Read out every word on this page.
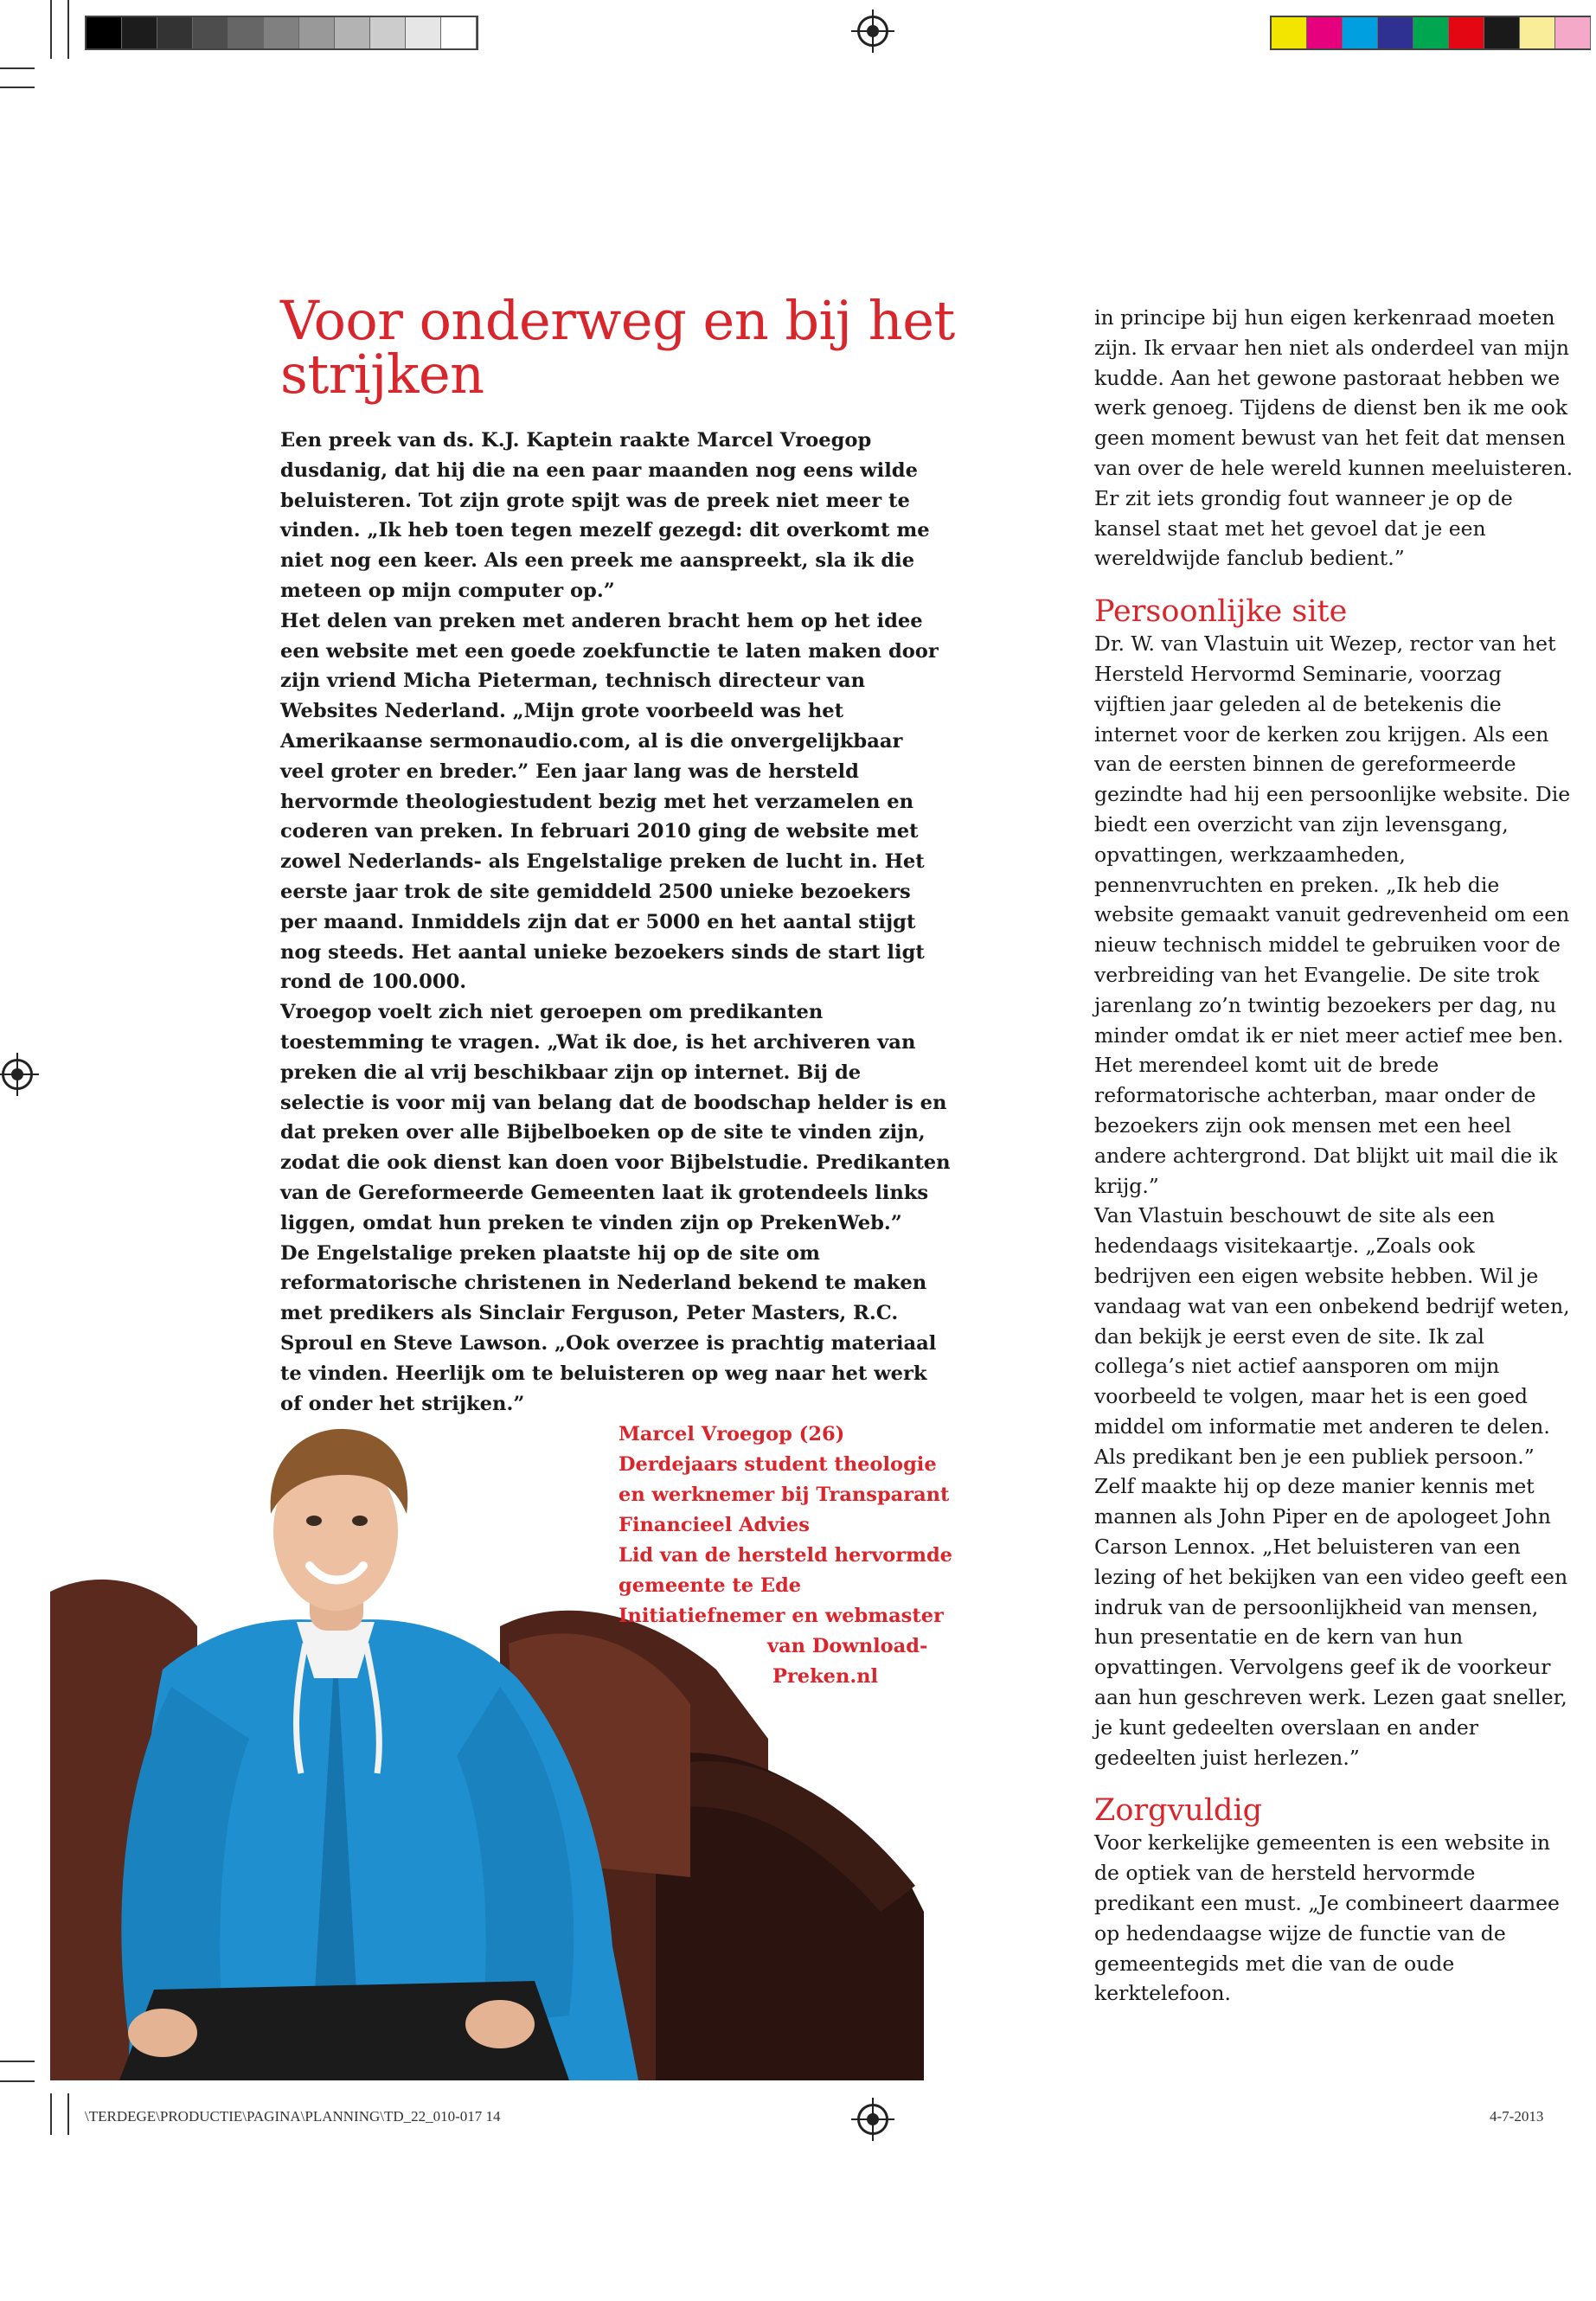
Voor onderweg en bij het strijken

Een preek van ds. K.J. Kaptein raakte Marcel Vroegop dusdanig, dat hij die na een paar maanden nog eens wilde beluisteren. Tot zijn grote spijt was de preek niet meer te vinden. „Ik heb toen tegen mezelf gezegd: dit overkomt me niet nog een keer. Als een preek me aanspreekt, sla ik die meteen op mijn computer op.”

Het delen van preken met anderen bracht hem op het idee een website met een goede zoekfunctie te laten maken door zijn vriend Micha Pieterman, technisch directeur van Websites Nederland. „Mijn grote voorbeeld was het Amerikaanse sermonaudio.com, al is die onvergelijkbaar veel groter en breder.” Een jaar lang was de hersteld hervormde theologiestudent bezig met het verzamelen en coderen van preken. In februari 2010 ging de website met zowel Nederlands- als Engelstalige preken de lucht in. Het eerste jaar trok de site gemiddeld 2500 unieke bezoekers per maand. Inmiddels zijn dat er 5000 en het aantal stijgt nog steeds. Het aantal unieke bezoekers sinds de start ligt rond de 100.000.

Vroegop voelt zich niet geroepen om predikanten toestemming te vragen. „Wat ik doe, is het archiveren van preken die al vrij beschikbaar zijn op internet. Bij de selectie is voor mij van belang dat de boodschap helder is en dat preken over alle Bijbelboeken op de site te vinden zijn, zodat die ook dienst kan doen voor Bijbelstudie. Predikanten van de Gereformeerde Gemeenten laat ik grotendeels links liggen, omdat hun preken te vinden zijn op PrekenWeb.”

De Engelstalige preken plaatste hij op de site om reformatorische christenen in Nederland bekend te maken met predikers als Sinclair Ferguson, Peter Masters, R.C. Sproul en Steve Lawson. „Ook overzee is prachtig materiaal te vinden. Heerlijk om te beluisteren op weg naar het werk of onder het strijken.”

Marcel Vroegop (26)
Derdejaars student theologie
en werknemer bij Transparant
Financieel Advies
Lid van de hersteld hervormde
gemeente te Ede
Initiatiefnemer en webmaster
van Download-
Preken.nl

in principe bij hun eigen kerkenraad moeten zijn. Ik ervaar hen niet als onderdeel van mijn kudde. Aan het gewone pastoraat hebben we werk genoeg. Tijdens de dienst ben ik me ook geen moment bewust van het feit dat mensen van over de hele wereld kunnen meeluisteren. Er zit iets grondig fout wanneer je op de kansel staat met het gevoel dat je een wereldwijde fanclub bedient.”

Persoonlijke site

Dr. W. van Vlastuin uit Wezep, rector van het Hersteld Hervormd Seminarie, voorzag vijftien jaar geleden al de betekenis die internet voor de kerken zou krijgen. Als een van de eersten binnen de gereformeerde gezindte had hij een persoonlijke website. Die biedt een overzicht van zijn levensgang, opvattingen, werkzaamheden, pennenvruchten en preken. „Ik heb die website gemaakt vanuit gedrevenheid om een nieuw technisch middel te gebruiken voor de verbreiding van het Evangelie. De site trok jarenlang zo’n twintig bezoekers per dag, nu minder omdat ik er niet meer actief mee ben. Het merendeel komt uit de brede reformatorische achterban, maar onder de bezoekers zijn ook mensen met een heel andere achtergrond. Dat blijkt uit mail die ik krijg.”

Van Vlastuin beschouwt de site als een hedendaags visitekaartje. „Zoals ook bedrijven een eigen website hebben. Wil je vandaag wat van een onbekend bedrijf weten, dan bekijk je eerst even de site. Ik zal collega’s niet actief aansporen om mijn voorbeeld te volgen, maar het is een goed middel om informatie met anderen te delen. Als predikant ben je een publiek persoon.”

Zelf maakte hij op deze manier kennis met mannen als John Piper en de apologeet John Carson Lennox. „Het beluisteren van een lezing of het bekijken van een video geeft een indruk van de persoonlijkheid van mensen, hun presentatie en de kern van hun opvattingen. Vervolgens geef ik de voorkeur aan hun geschreven werk. Lezen gaat sneller, je kunt gedeelten overslaan en ander gedeelten juist herlezen.”

Zorgvuldig

Voor kerkelijke gemeenten is een website in de optiek van de hersteld hervormde predikant een must. „Je combineert daarmee op hedendaagse wijze de functie van de gemeentegids met die van de oude kerktelefoon.

\TERDEGE\PRODUCTIE\PAGINA\PLANNING\TD_22_010-017 14	4-7-2013
